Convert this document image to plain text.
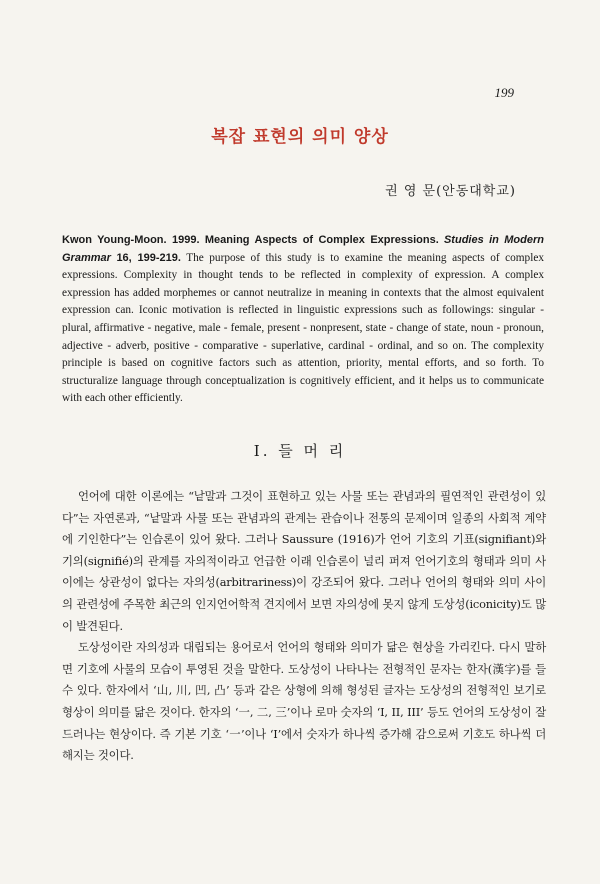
199
복잡 표현의 의미 양상
권 영 문(안동대학교)
Kwon Young-Moon. 1999. Meaning Aspects of Complex Expressions. Studies in Modern Grammar 16, 199-219. The purpose of this study is to examine the meaning aspects of complex expressions. Complexity in thought tends to be reflected in complexity of expression. A complex expression has added morphemes or cannot neutralize in meaning in contexts that the almost equivalent expression can. Iconic motivation is reflected in linguistic expressions such as followings: singular - plural, affirmative - negative, male - female, present - nonpresent, state - change of state, noun - pronoun, adjective - adverb, positive - comparative - superlative, cardinal - ordinal, and so on. The complexity principle is based on cognitive factors such as attention, priority, mental efforts, and so forth. To structuralize language through conceptualization is cognitively efficient, and it helps us to communicate with each other efficiently.
I. 들 머 리

언어에 대한 이론에는 “낱말과 그것이 표현하고 있는 사물 또는 관념과의 필연적인 관련성이 있다”는 자연론과, “낱말과 사물 또는 관념과의 관계는 관습이나 전통의 문제이며 일종의 사회적 계약에 기인한다”는 인습론이 있어 왔다. 그러나 Saussure (1916)가 언어 기호의 기표(signifiant)와 기의(signifié)의 관계를 자의적이라고 언급한 이래 인습론이 널리 퍼져 언어기호의 형태과 의미 사이에는 상관성이 없다는 자의성(arbitrariness)이 강조되어 왔다. 그러나 언어의 형태와 의미 사이의 관련성에 주목한 최근의 인지언어학적 견지에서 보면 자의성에 못지 않게 도상성(iconicity)도 많이 발견된다.

도상성이란 자의성과 대립되는 용어로서 언어의 형태와 의미가 닮은 현상을 가리킨다. 다시 말하면 기호에 사물의 모습이 투영된 것을 말한다. 도상성이 나타나는 전형적인 문자는 한자(漢字)를 들 수 있다. 한자에서 ‘山, 川, 凹, 凸’ 등과 같은 상형에 의해 형성된 글자는 도상성의 전형적인 보기로 형상이 의미를 닮은 것이다. 한자의 ‘一, 二, 三’이나 로마 숫자의 ‘I, II, III’ 등도 언어의 도상성이 잘 드러나는 현상이다. 즉 기본 기호 ‘一’이나 ‘I’에서 숫자가 하나씩 증가해 감으로써 기호도 하나씩 더해지는 것이다.
